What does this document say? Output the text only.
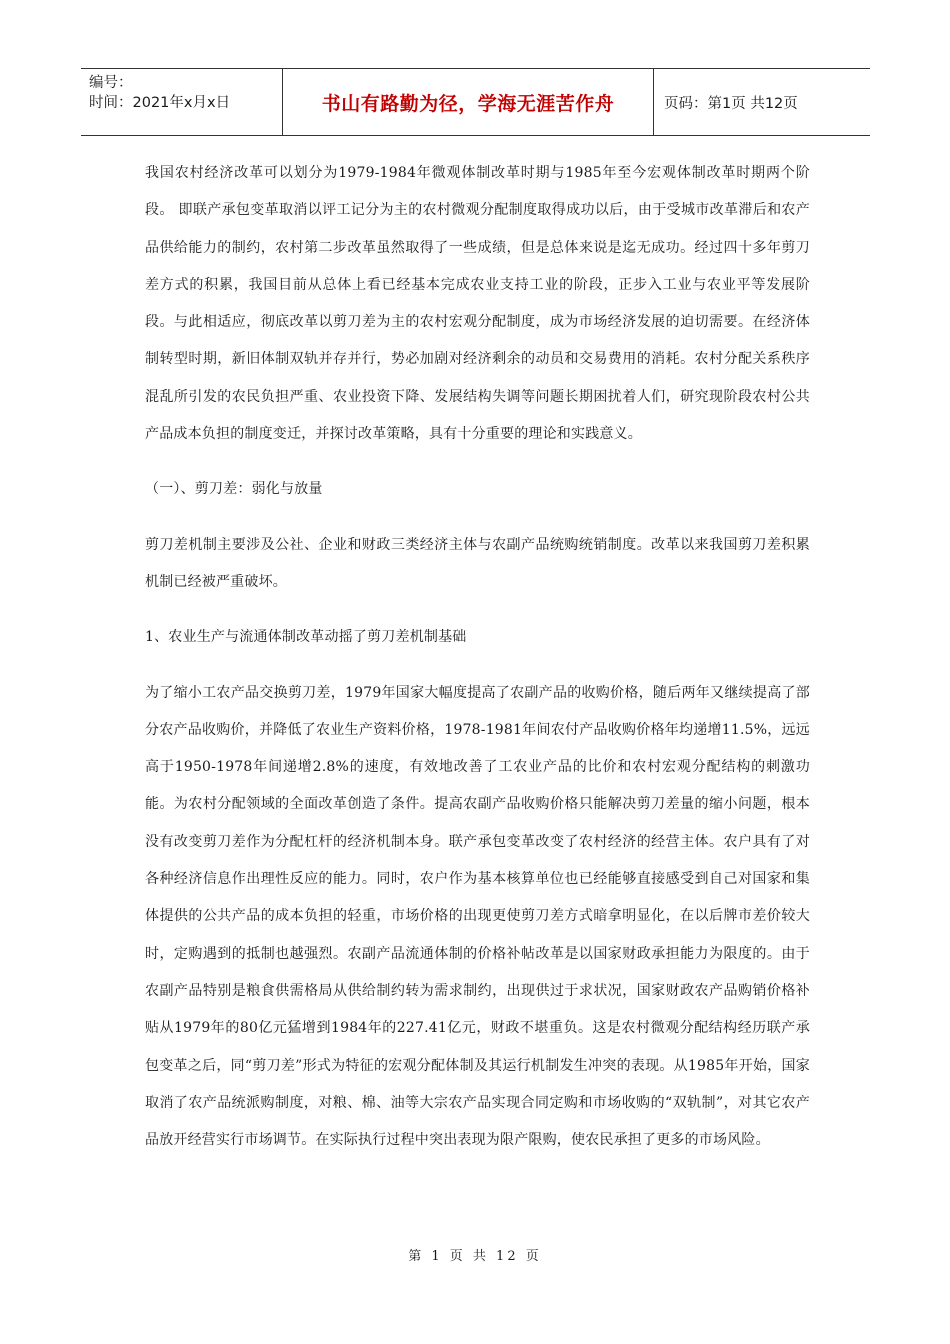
编号：
时间：2021年x月x日	书山有路勤为径，学海无涯苦作舟	页码：第1页 共12页

我国农村经济改革可以划分为1979-1984年微观体制改革时期与1985年至今宏观体制改革时期两个阶段。 即联产承包变革取消以评工记分为主的农村微观分配制度取得成功以后，由于受城市改革滞后和农产品供给能力的制约，农村第二步改革虽然取得了一些成绩，但是总体来说是迄无成功。经过四十多年剪刀差方式的积累，我国目前从总体上看已经基本完成农业支持工业的阶段，正步入工业与农业平等发展阶段。与此相适应，彻底改革以剪刀差为主的农村宏观分配制度，成为市场经济发展的迫切需要。在经济体制转型时期，新旧体制双轨并存并行，势必加剧对经济剩余的动员和交易费用的消耗。农村分配关系秩序混乱所引发的农民负担严重、农业投资下降、发展结构失调等问题长期困扰着人们，研究现阶段农村公共产品成本负担的制度变迁，并探讨改革策略，具有十分重要的理论和实践意义。

（一）、剪刀差：弱化与放量

剪刀差机制主要涉及公社、企业和财政三类经济主体与农副产品统购统销制度。改革以来我国剪刀差积累机制已经被严重破坏。

1、农业生产与流通体制改革动摇了剪刀差机制基础

为了缩小工农产品交换剪刀差，1979年国家大幅度提高了农副产品的收购价格，随后两年又继续提高了部分农产品收购价，并降低了农业生产资料价格，1978-1981年间农付产品收购价格年均递增11.5%，远远高于1950-1978年间递增2.8%的速度，有效地改善了工农业产品的比价和农村宏观分配结构的刺激功能。为农村分配领域的全面改革创造了条件。提高农副产品收购价格只能解决剪刀差量的缩小问题，根本没有改变剪刀差作为分配杠杆的经济机制本身。联产承包变革改变了农村经济的经营主体。农户具有了对各种经济信息作出理性反应的能力。同时，农户作为基本核算单位也已经能够直接感受到自己对国家和集体提供的公共产品的成本负担的轻重，市场价格的出现更使剪刀差方式暗拿明显化，在以后牌市差价较大时，定购遇到的抵制也越强烈。农副产品流通体制的价格补帖改革是以国家财政承担能力为限度的。由于农副产品特别是粮食供需格局从供给制约转为需求制约，出现供过于求状况，国家财政农产品购销价格补贴从1979年的80亿元猛增到1984年的227.41亿元，财政不堪重负。这是农村微观分配结构经历联产承包变革之后，同“剪刀差”形式为特征的宏观分配体制及其运行机制发生冲突的表现。从1985年开始，国家取消了农产品统派购制度，对粮、棉、油等大宗农产品实现合同定购和市场收购的“双轨制”，对其它农产品放开经营实行市场调节。在实际执行过程中突出表现为限产限购，使农民承担了更多的市场风险。

第 1 页 共 12 页
